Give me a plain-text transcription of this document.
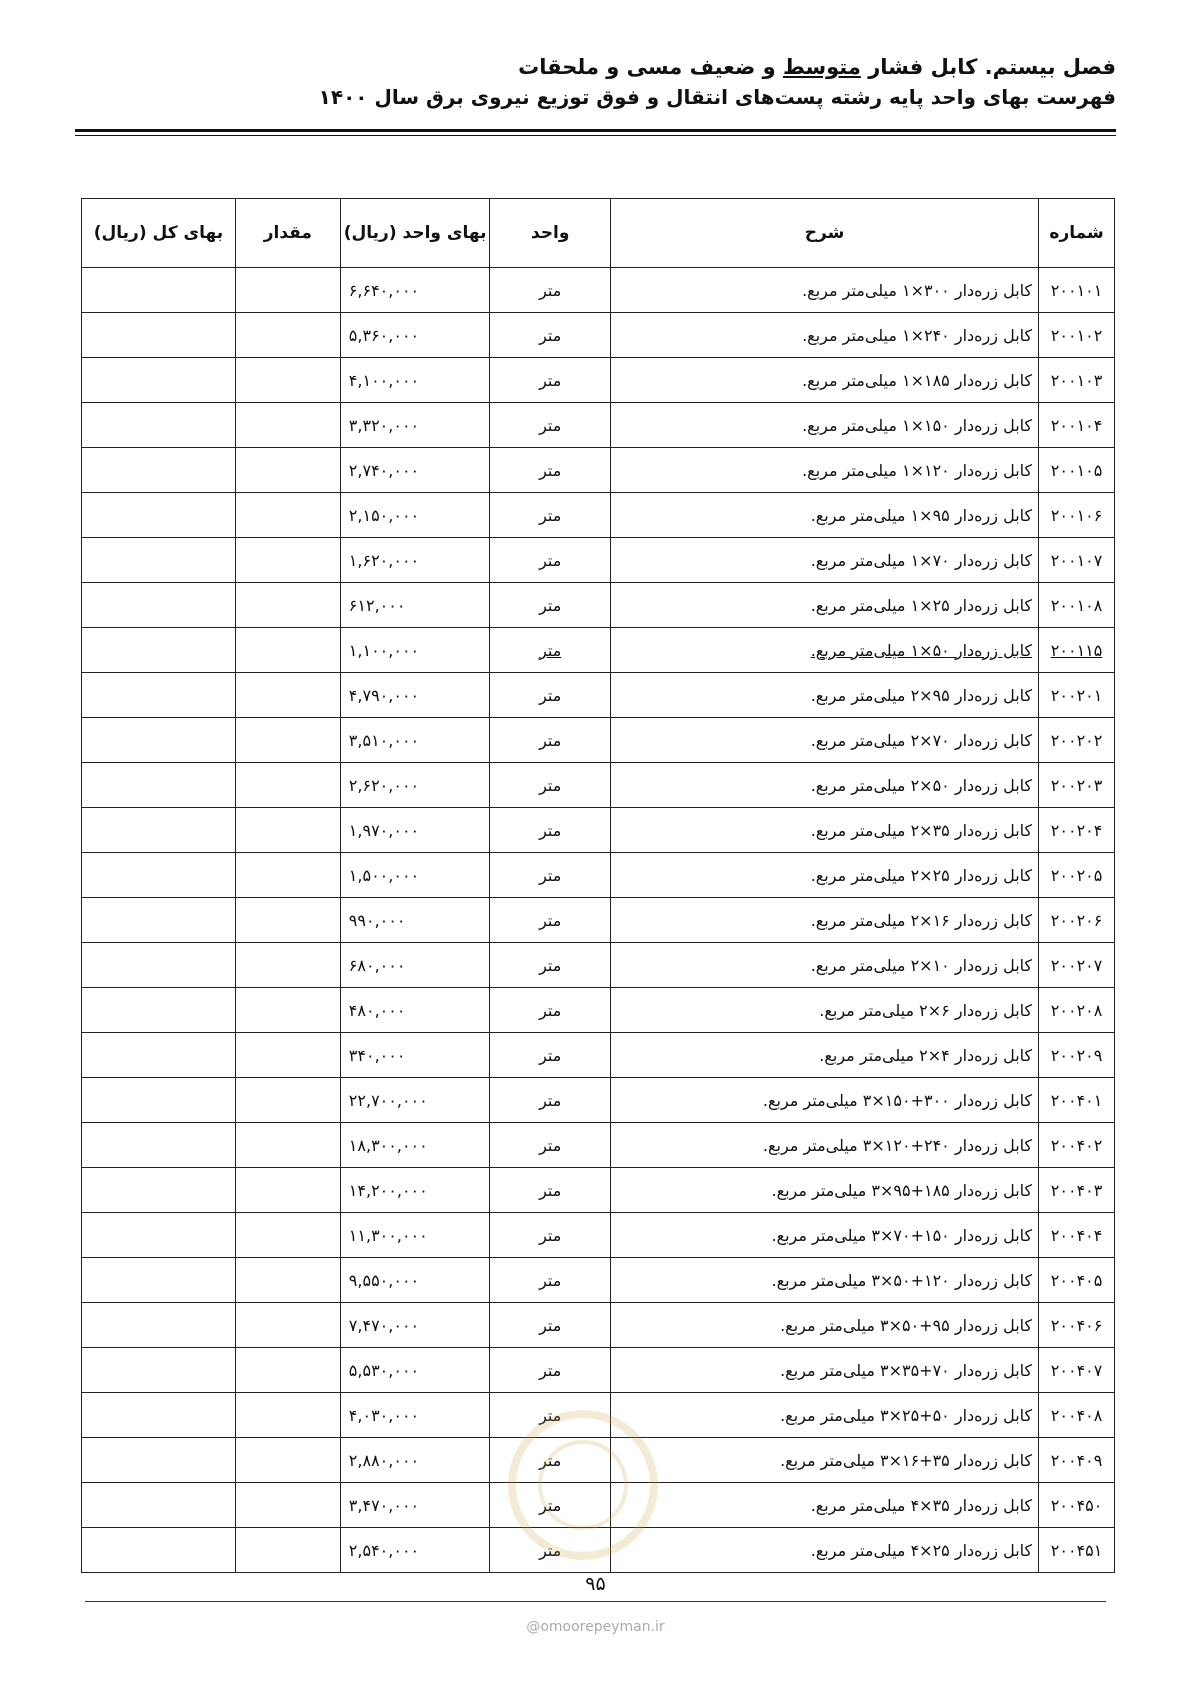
فصل بیستم. کابل فشار متوسط و ضعیف مسی و ملحقات
فهرست بهای واحد پایه رشته پست‌های انتقال و فوق توزیع نیروی برق سال ۱۴۰۰
شماره	شرح	واحد	بهای واحد (ریال)	مقدار	بهای کل (ریال)
۲۰۰۱۰۱	کابل زره‌دار ۳۰۰×۱ میلی‌متر مربع.	متر	۶,۶۴۰,۰۰۰		
۲۰۰۱۰۲	کابل زره‌دار ۲۴۰×۱ میلی‌متر مربع.	متر	۵,۳۶۰,۰۰۰		
۲۰۰۱۰۳	کابل زره‌دار ۱۸۵×۱ میلی‌متر مربع.	متر	۴,۱۰۰,۰۰۰		
۲۰۰۱۰۴	کابل زره‌دار ۱۵۰×۱ میلی‌متر مربع.	متر	۳,۳۲۰,۰۰۰		
۲۰۰۱۰۵	کابل زره‌دار ۱۲۰×۱ میلی‌متر مربع.	متر	۲,۷۴۰,۰۰۰		
۲۰۰۱۰۶	کابل زره‌دار ۹۵×۱ میلی‌متر مربع.	متر	۲,۱۵۰,۰۰۰		
۲۰۰۱۰۷	کابل زره‌دار ۷۰×۱ میلی‌متر مربع.	متر	۱,۶۲۰,۰۰۰		
۲۰۰۱۰۸	کابل زره‌دار ۲۵×۱ میلی‌متر مربع.	متر	۶۱۲,۰۰۰		
۲۰۰۱۱۵	کابل زره‌دار ۵۰×۱ میلی‌متر مربع.	متر	۱,۱۰۰,۰۰۰		
۲۰۰۲۰۱	کابل زره‌دار ۹۵×۲ میلی‌متر مربع.	متر	۴,۷۹۰,۰۰۰		
۲۰۰۲۰۲	کابل زره‌دار ۷۰×۲ میلی‌متر مربع.	متر	۳,۵۱۰,۰۰۰		
۲۰۰۲۰۳	کابل زره‌دار ۵۰×۲ میلی‌متر مربع.	متر	۲,۶۲۰,۰۰۰		
۲۰۰۲۰۴	کابل زره‌دار ۳۵×۲ میلی‌متر مربع.	متر	۱,۹۷۰,۰۰۰		
۲۰۰۲۰۵	کابل زره‌دار ۲۵×۲ میلی‌متر مربع.	متر	۱,۵۰۰,۰۰۰		
۲۰۰۲۰۶	کابل زره‌دار ۱۶×۲ میلی‌متر مربع.	متر	۹۹۰,۰۰۰		
۲۰۰۲۰۷	کابل زره‌دار ۱۰×۲ میلی‌متر مربع.	متر	۶۸۰,۰۰۰		
۲۰۰۲۰۸	کابل زره‌دار ۶×۲ میلی‌متر مربع.	متر	۴۸۰,۰۰۰		
۲۰۰۲۰۹	کابل زره‌دار ۴×۲ میلی‌متر مربع.	متر	۳۴۰,۰۰۰		
۲۰۰۴۰۱	کابل زره‌دار ۳۰۰+۱۵۰×۳ میلی‌متر مربع.	متر	۲۲,۷۰۰,۰۰۰		
۲۰۰۴۰۲	کابل زره‌دار ۲۴۰+۱۲۰×۳ میلی‌متر مربع.	متر	۱۸,۳۰۰,۰۰۰		
۲۰۰۴۰۳	کابل زره‌دار ۱۸۵+۹۵×۳ میلی‌متر مربع.	متر	۱۴,۲۰۰,۰۰۰		
۲۰۰۴۰۴	کابل زره‌دار ۱۵۰+۷۰×۳ میلی‌متر مربع.	متر	۱۱,۳۰۰,۰۰۰		
۲۰۰۴۰۵	کابل زره‌دار ۱۲۰+۵۰×۳ میلی‌متر مربع.	متر	۹,۵۵۰,۰۰۰		
۲۰۰۴۰۶	کابل زره‌دار ۹۵+۵۰×۳ میلی‌متر مربع.	متر	۷,۴۷۰,۰۰۰		
۲۰۰۴۰۷	کابل زره‌دار ۷۰+۳۵×۳ میلی‌متر مربع.	متر	۵,۵۳۰,۰۰۰		
۲۰۰۴۰۸	کابل زره‌دار ۵۰+۲۵×۳ میلی‌متر مربع.	متر	۴,۰۳۰,۰۰۰		
۲۰۰۴۰۹	کابل زره‌دار ۳۵+۱۶×۳ میلی‌متر مربع.	متر	۲,۸۸۰,۰۰۰		
۲۰۰۴۵۰	کابل زره‌دار ۳۵×۴ میلی‌متر مربع.	متر	۳,۴۷۰,۰۰۰		
۲۰۰۴۵۱	کابل زره‌دار ۲۵×۴ میلی‌متر مربع.	متر	۲,۵۴۰,۰۰۰		
۹۵
@omoorepeyman.ir
